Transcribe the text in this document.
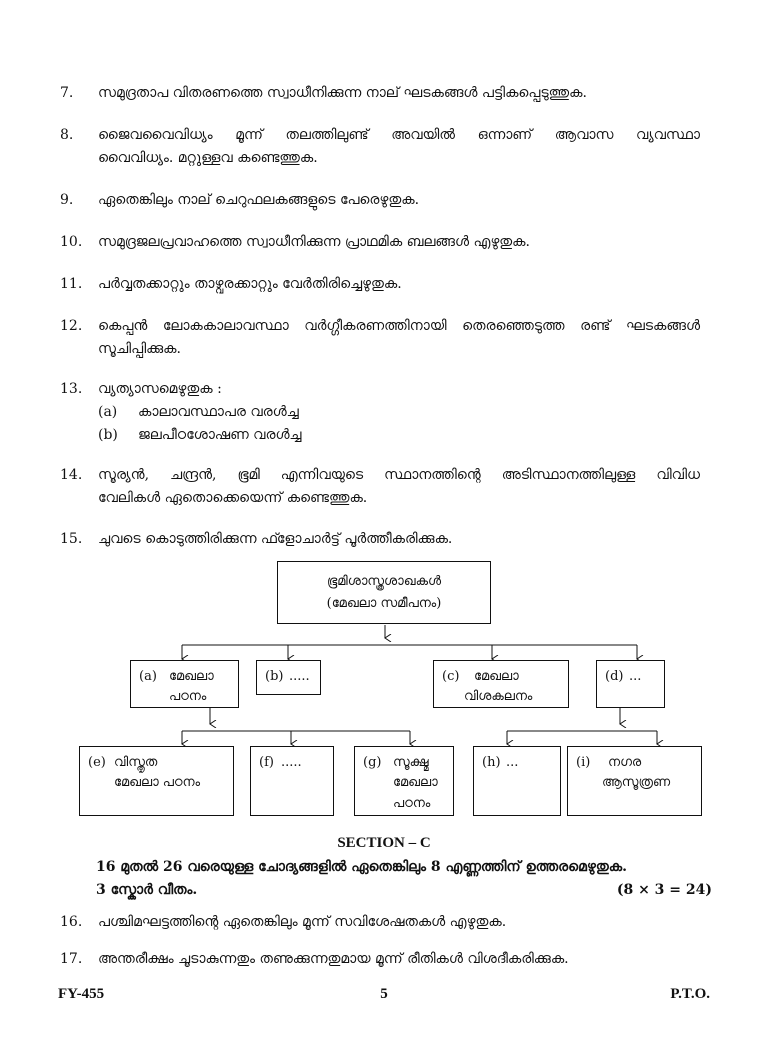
7.	സമുദ്രതാപ വിതരണത്തെ സ്വാധീനിക്കുന്ന നാല് ഘടകങ്ങൾ പട്ടികപ്പെടുത്തുക.
8.	ജൈവവൈവിധ്യം മൂന്ന് തലത്തിലുണ്ട് അവയിൽ ഒന്നാണ് ആവാസ വ്യവസ്ഥാ
വൈവിധ്യം. മറ്റുള്ളവ കണ്ടെത്തുക.
9.	ഏതെങ്കിലും നാല് ചെറുഫലകങ്ങളുടെ പേരെഴുതുക.
10.	സമുദ്രജലപ്രവാഹത്തെ സ്വാധീനിക്കുന്ന പ്രാഥമിക ബലങ്ങൾ എഴുതുക.
11.	പർവ്വതക്കാറ്റും താഴ്വരക്കാറ്റും വേർതിരിച്ചെഴുതുക.
12.	കെപ്പൻ ലോകകാലാവസ്ഥാ വർഗ്ഗീകരണത്തിനായി തെരഞ്ഞെടുത്ത രണ്ട് ഘടകങ്ങൾ
സൂചിപ്പിക്കുക.
13.	വ്യത്യാസമെഴുതുക :
(a) കാലാവസ്ഥാപര വരൾച്ച
(b) ജലപീഠശോഷണ വരൾച്ച
14.	സൂര്യൻ, ചന്ദ്രൻ, ഭൂമി എന്നിവയുടെ സ്ഥാനത്തിന്റെ അടിസ്ഥാനത്തിലുള്ള വിവിധ
വേലികൾ ഏതൊക്കെയെന്ന് കണ്ടെത്തുക.
15.	ചുവടെ കൊടുത്തിരിക്കുന്ന ഫ്ളോചാർട്ട് പൂർത്തീകരിക്കുക.
ഭൂമിശാസ്ത്രശാഖകൾ
(മേഖലാ സമീപനം)
(a) മേഖലാ
പഠനം
(b) .....	(c) മേഖലാ
വിശകലനം
(d) ...
(e) വിസ്തൃത
മേഖലാ പഠനം
(f) .....	(g) സൂക്ഷ്മ
മേഖലാ
പഠനം
(h) ...	(i) നഗര
ആസൂത്രണ
SECTION – C
16 മുതൽ 26 വരെയുള്ള ചോദ്യങ്ങളിൽ ഏതെങ്കിലും 8 എണ്ണത്തിന് ഉത്തരമെഴുതുക.
3 സ്കോർ വീതം.	(8 × 3 = 24)
16.	പശ്ചിമഘട്ടത്തിന്റെ ഏതെങ്കിലും മൂന്ന് സവിശേഷതകൾ എഴുതുക.
17.	അന്തരീക്ഷം ചൂടാകുന്നതും തണുക്കുന്നതുമായ മൂന്ന് രീതികൾ വിശദീകരിക്കുക.
FY-455	5	P.T.O.
